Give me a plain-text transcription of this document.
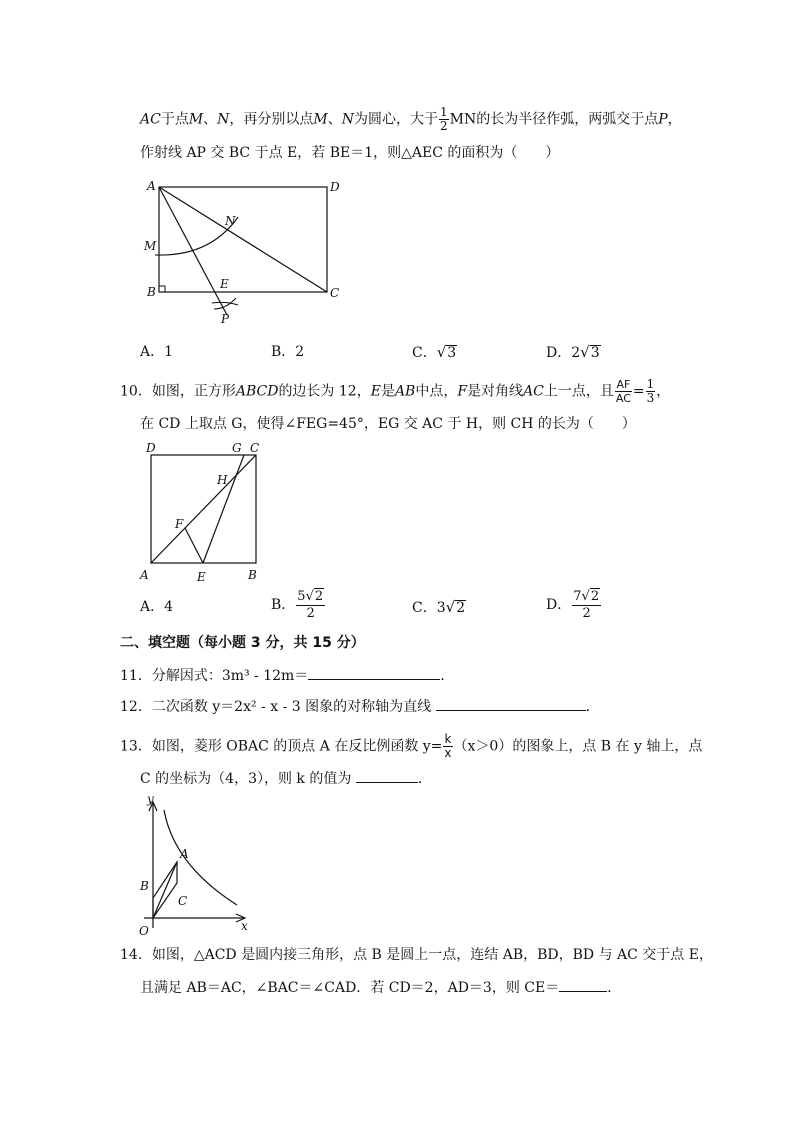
AC于点M、N，再分别以点M、N为圆心，大于 $\frac{1}{2}$ MN的长为半径作弧，两弧交于点P，
作射线 AP 交 BC 于点 E，若 BE＝1，则△AEC 的面积为（　　）
A	D
N
M
B
E
C
P
A．1	B．2	C．√3	D．2√3
10．如图，正方形ABCD的边长为 12，E是AB中点，F是对角线AC上一点，且 $\frac{AF}{AC} = \frac{1}{3}$ ，
在 CD 上取点 G，使得∠FEG=45°，EG 交 AC 于 H，则 CH 的长为（　　）
D	G C
H
F
A	E	B
A．4	B． $\frac{5√2}{2}$	C．3√2	D． $\frac{7√2}{2}$
二、填空题（每小题 3 分，共 15 分）
11．分解因式：3m³ - 12m＝	．
12．二次函数 y＝2x² - x - 3 图象的对称轴为直线	．
13．如图，菱形 OBAC 的顶点 A 在反比例函数 $y= \frac{k}{x} (x>0)$的图象上，点 B 在 y 轴上，点
C 的坐标为（4，3），则 k 的值为	．
y
A
B
C
O	x
14．如图，△ACD 是圆内接三角形，点 B 是圆上一点，连结 AB，BD，BD 与 AC 交于点 E，
且满足 AB＝AC，∠BAC＝∠CAD．若 CD＝2，AD＝3，则 CE＝	．
